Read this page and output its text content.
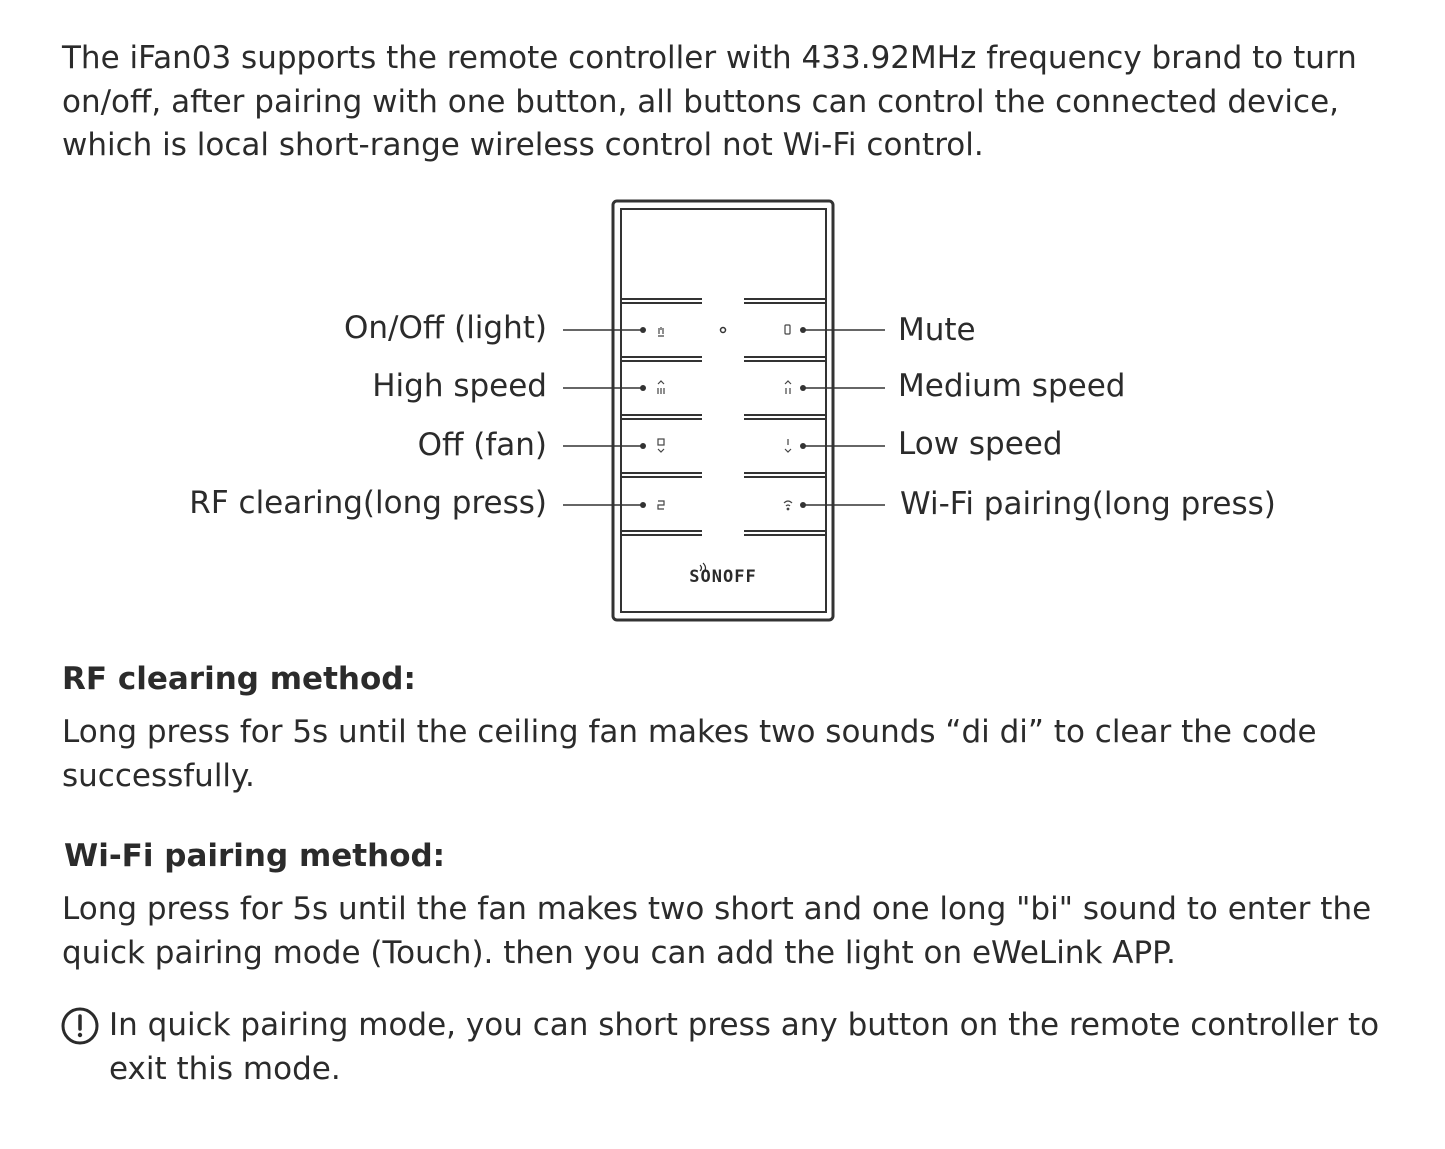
The iFan03 supports the remote controller with 433.92MHz frequency brand to turn on/off, after pairing with one button, all buttons can control the connected device, which is local short-range wireless control not Wi-Fi control.

SONOFF
On/Off (light)
High speed
Off (fan)
RF clearing(long press)
Mute
Medium speed
Low speed
Wi-Fi pairing(long press)
RF clearing method:

Long press for 5s until the ceiling fan makes two sounds “di di” to clear the code successfully.

Wi-Fi pairing method:

Long press for 5s until the fan makes two short and one long "bi" sound to enter the quick pairing mode (Touch). then you can add the light on eWeLink APP.

In quick pairing mode, you can short press any button on the remote controller to exit this mode.
